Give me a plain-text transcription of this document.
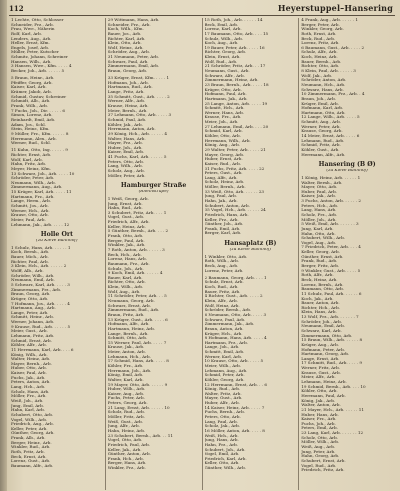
112	Heyerstuppel–Hansering
1 Lechte, Otto, Schlosser
Schneider, Frz., Arb.
Frau, Wwe., Näherin
Rolf, Karl, Arb.
Lenders, Aug., Arb.
Heller, Ernst, Kfm.
Engels, Josef, Arb.
Müller, Peter, Kutscher
Schmitz, Johann, Schreiner
Hansen, Wilh., Arb.
3 Hansen, Wwe., Kfm. . . . . 4
Becker, Joh., Arb. . . . . . 5
5 Braun, Heinr., Arb.
Pfeiffer, Georg, Arb.
Kaiser, Karl, Arb.
Krämer, Jakob, Arb.
Schmid, Gustav, Schreiner
Schmidt, Alb., Arb.
Frank, Wilh., Arb.
7 Fuchs, Joh., Dir. . . . . . 6
Simon, Lorenz, Arb.
Reinhardt, Emil, Arb.
Adam, Jos., Schl.
Stein, Heinr., Kfm.
9 Müller, Frz., Kfm. . . . . . 8
Herrmann, Alex., Arb.
Werner, Rud., Schl.
11 Kuhn, Otto, Ing. . . . . . 9
Richter, Ernst, Arb.
Wolf, Karl, Arb.
Hahn, Fritz, Arb.
Meyer, Heinz, Kfm.
13 Schwarz, Joh., Arb. . . . . 10
Schröder, Peter, Arb.
Neumann, Wilh., Arb.
Zimmermann, Aug., Arb.
15 Krüger, Karl, Arb. . . . . 11
Hartmann, Frz., Arb.
Lange, Herm., Arb.
Schmitt, Jos., Arb.
Werner, Hch., Arb.
Krause, Otto, Arb.
Meier, Paul, Arb.
Lehmann, Jak., Arb. . . . . 12
Holle Ort
(zu Kleve Bahnhof)
1 Schulz, Hans, Arb. . . . . . 1
Koch, Bernh., Arb.
Bauer, Mich., Arb.
Richter, Paul, Arb.
3 Klein, Hch., Arb. . . . . . 2
Wolff, Alb., Arb.
Schröder, Wilh., Arb.
Neumann, Emil, Arb.
5 Schwarz, Karl, Arb. . . . . 3
Zimmermann, Frz., Arb.
Braun, Georg, Arb.
Krüger, Otto, Arb.
7 Hofmann, Jos., Arb. . . . . 4
Hartmann, Aug., Arb.
Lange, Peter, Arb.
Schmitt, Heinr., Arb.
Werner, Johann, Arb.
9 Krause, Rud., Arb. . . . . . 5
Meier, Gust., Arb.
Lehmann, Fritz, Arb.
Schmid, Ernst, Arb.
Köhler, Alfr., Arb.
11 Herrmann, Karl, Arb. . . . 6
König, Wilh., Arb.
Walter, Heinz, Arb.
Mayer, Bernh., Arb.
Huber, Otto, Arb.
Kaiser, Paul, Arb.
Fuchs, Jak., Arb.
Peters, Anton, Arb.
Lang, Hch., Arb.
Scholz, Hans, Arb.
Möller, Frz., Arb.
Weiß, Joh., Arb.
Jung, Emil, Arb.
Hahn, Karl, Arb.
Schubert, Otto, Arb.
Vogel, Wilh., Arb.
Friedrich, Aug., Arb.
Keller, Peter, Arb.
Günther, Georg, Arb.
Frank, Alb., Arb.
Berger, Heinr., Arb.
Winkler, Rud., Arb.
Roth, Fritz, Arb.
Beck, Ernst, Arb.
Lorenz, Gust., Arb.
Baumann, Alfr., Arb.
29 Wittmann, Hans, Arb.
Schneider, Frz., Arb.
Koch, Wilh., Kfm.
Bauer, Jos., Arb.
Richter, Karl, Arb.
Klein, Otto, Arb.
Wolf, Heinr., Arb.
Schröder, Aug., Arb.
31 Neumann, Peter, Arb.
Schwarz, Paul, Arb.
Zimmermann, Emil, Arb.
Braun, Georg, Arb.
33 Krüger, Ernst, Kfm. . . . . 1
Hofmann, Joh., Arb.
Hartmann, Rud., Arb.
Lange, Fritz, Arb.
35 Schmitt, Gust., Arb. . . . . 2
Werner, Alfr., Arb.
Krause, Heinz, Arb.
Meier, Bernh., Arb.
37 Lehmann, Otto, Arb. . . . . 3
Schmid, Paul, Arb.
Köhler, Jak., Arb.
Herrmann, Anton, Arb.
39 König, Hch., Arb. . . . . . 4
Walter, Hans, Arb.
Mayer, Frz., Arb.
Huber, Joh., Arb.
Kaiser, Emil, Arb.
41 Fuchs, Karl, Arb. . . . . . 5
Peters, Otto, Arb.
Lang, Wilh., Arb.
Scholz, Aug., Arb.
Möller, Peter, Arb.
Hamburger Straße
(Rheinstraße)
1 Weiß, Georg, Arb.
Jung, Ernst, Arb.
Hahn, Rud., Arb.
3 Schubert, Fritz, Arb. . . . 1
Vogel, Gust., Arb.
Friedrich, Alfr., Arb.
Keller, Heinz, Arb.
5 Günther, Bernh., Arb. . . . 2
Frank, Otto, Arb.
Berger, Paul, Arb.
Winkler, Jak., Arb.
7 Roth, Anton, Arb. . . . . . 3
Beck, Hch., Arb.
Lorenz, Hans, Arb.
Baumann, Frz., Arb.
Schulz, Joh., Arb.
9 Koch, Emil, Arb. . . . . . 4
Bauer, Karl, Arb.
Richter, Otto, Arb.
Klein, Wilh., Arb.
Wolf, Aug., Arb.
11 Schröder, Peter, Arb. . . 5
Neumann, Georg, Arb.
Schwarz, Ernst, Arb.
Zimmermann, Rud., Arb.
Braun, Fritz, Arb.
13 Krüger, Gust., Arb. . . . . 6
Hofmann, Alfr., Arb.
Hartmann, Heinz, Arb.
Lange, Bernh., Arb.
Schmitt, Otto, Arb.
15 Werner, Paul, Arb. . . . . 7
Krause, Jak., Arb.
Meier, Anton, Arb.
Lehmann, Hch., Arb.
17 Schmid, Hans, Arb. . . . . 8
Köhler, Frz., Arb.
Herrmann, Joh., Arb.
König, Emil, Arb.
Walter, Karl, Arb.
19 Mayer, Otto, Arb. . . . . . 9
Huber, Wilh., Arb.
Kaiser, Aug., Arb.
Fuchs, Peter, Arb.
Peters, Georg, Arb.
21 Lang, Ernst, Arb. . . . . . 10
Scholz, Rud., Arb.
Möller, Fritz, Arb.
Weiß, Gust., Arb.
Jung, Alfr., Arb.
Hahn, Heinz, Arb.
23 Schubert, Bernh., Arb. . . 11
Vogel, Otto, Arb.
Friedrich, Paul, Arb.
Keller, Jak., Arb.
Günther, Anton, Arb.
Frank, Hch., Arb.
Berger, Hans, Arb.
Winkler, Frz., Arb.
15 Roth, Joh., Arb. . . . . . 14
Beck, Emil, Arb.
Lorenz, Karl, Arb.
17 Baumann, Otto, Arb. . . . 15
Schulz, Wilh., Arb.
Koch, Aug., Arb.
19 Bauer, Peter, Arb. . . . . 16
Richter, Georg, Arb.
Klein, Ernst, Arb.
Wolf, Rud., Arb.
21 Schröder, Fritz, Arb. . . 17
Neumann, Gust., Arb.
Schwarz, Alfr., Arb.
Zimmermann, Heinz, Arb.
23 Braun, Bernh., Arb. . . . . 18
Krüger, Otto, Arb.
Hofmann, Paul, Arb.
Hartmann, Jak., Arb.
25 Lange, Anton, Arb. . . . . 19
Schmitt, Hch., Arb.
Werner, Hans, Arb.
Krause, Frz., Arb.
Meier, Joh., Arb.
27 Lehmann, Emil, Arb. . . . 20
Schmid, Karl, Arb.
Köhler, Otto, Arb.
Herrmann, Wilh., Arb.
König, Aug., Arb.
29 Walter, Peter, Arb. . . . . 21
Mayer, Georg, Arb.
Huber, Ernst, Arb.
Kaiser, Rud., Arb.
31 Fuchs, Fritz, Arb. . . . . 22
Peters, Gust., Arb.
Lang, Alfr., Arb.
Scholz, Heinz, Arb.
Möller, Bernh., Arb.
33 Weiß, Otto, Arb. . . . . . 23
Jung, Paul, Arb.
Hahn, Jak., Arb.
Schubert, Anton, Arb.
35 Vogel, Hch., Arb. . . . . . 24
Friedrich, Hans, Arb.
Keller, Frz., Arb.
Günther, Joh., Arb.
Frank, Emil, Arb.
Berger, Karl, Arb.
Hansaplatz (B)
(zu Kleve Bahnhof)
1 Winkler, Otto, Arb.
Roth, Wilh., Arb.
Beck, Aug., Arb.
Lorenz, Peter, Arb.
2 Baumann, Georg, Arb. . . . 1
Schulz, Ernst, Arb.
Koch, Rud., Arb.
Bauer, Fritz, Arb.
4 Richter, Gust., Arb. . . . . 2
Klein, Alfr., Arb.
Wolf, Heinz, Arb.
Schröder, Bernh., Arb.
6 Neumann, Otto, Arb. . . . . 3
Schwarz, Paul, Arb.
Zimmermann, Jak., Arb.
Braun, Anton, Arb.
Krüger, Hch., Arb.
8 Hofmann, Hans, Arb. . . . . 4
Hartmann, Frz., Arb.
Lange, Joh., Arb.
Schmitt, Emil, Arb.
Werner, Karl, Arb.
10 Krause, Otto, Arb. . . . . 5
Meier, Wilh., Arb.
Lehmann, Aug., Arb.
Schmid, Peter, Arb.
Köhler, Georg, Arb.
12 Herrmann, Ernst, Arb. . . 6
König, Rud., Arb.
Walter, Fritz, Arb.
Mayer, Gust., Arb.
Huber, Alfr., Arb.
14 Kaiser, Heinz, Arb. . . . . 7
Fuchs, Bernh., Arb.
Peters, Otto, Arb.
Lang, Paul, Arb.
Scholz, Jak., Arb.
16 Möller, Anton, Arb. . . . . 8
Weiß, Hch., Arb.
Jung, Hans, Arb.
Hahn, Frz., Arb.
Schubert, Joh., Arb.
Vogel, Emil, Arb.
Friedrich, Karl, Arb.
Keller, Otto, Arb.
Günther, Wilh., Arb.
4 Frank, Aug., Arb. . . . . . 1
Berger, Peter, Arb.
Winkler, Georg, Arb.
Roth, Ernst, Arb.
Beck, Rud., Arb.
Lorenz, Fritz, Arb.
6 Baumann, Gust., Arb. . . . . 2
Schulz, Alfr., Arb.
Koch, Heinz, Arb.
Bauer, Bernh., Arb.
Richter, Otto, Arb.
8 Klein, Paul, Arb. . . . . . 3
Wolf, Jak., Arb.
Schröder, Anton, Arb.
Neumann, Hch., Arb.
Schwarz, Hans, Arb.
10 Zimmermann, Frz., Arb. . 4
Braun, Joh., Arb.
Krüger, Emil, Arb.
Hofmann, Karl, Arb.
Hartmann, Otto, Arb.
12 Lange, Wilh., Arb. . . . . 5
Schmitt, Aug., Arb.
Werner, Peter, Arb.
Krause, Georg, Arb.
14 Meier, Ernst, Arb. . . . . 6
Lehmann, Rud., Arb.
Schmid, Fritz, Arb.
Köhler, Gust., Arb.
Herrmann, Alfr., Arb.
Hansering (B Ø)
(zu Kleve Bahnhof)
1 König, Heinz, Arb. . . . . . 1
Walter, Bernh., Arb.
Mayer, Otto, Arb.
Huber, Paul, Arb.
Kaiser, Jak., Arb.
3 Fuchs, Anton, Arb. . . . . . 2
Peters, Hch., Arb.
Lang, Hans, Arb.
Scholz, Frz., Arb.
Möller, Joh., Arb.
5 Weiß, Emil, Arb. . . . . . . 3
Jung, Karl, Arb.
Hahn, Otto, Arb.
Schubert, Wilh., Arb.
Vogel, Aug., Arb.
7 Friedrich, Peter, Arb. . . . 4
Keller, Georg, Arb.
Günther, Ernst, Arb.
Frank, Rud., Arb.
Berger, Fritz, Arb.
9 Winkler, Gust., Arb. . . . . 5
Roth, Alfr., Arb.
Beck, Heinz, Arb.
Lorenz, Bernh., Arb.
Baumann, Otto, Arb.
11 Schulz, Paul, Arb. . . . . . 6
Koch, Jak., Arb.
Bauer, Anton, Arb.
Richter, Hch., Arb.
Klein, Hans, Arb.
13 Wolf, Frz., Arb. . . . . . . 7
Schröder, Joh., Arb.
Neumann, Emil, Arb.
Schwarz, Karl, Arb.
Zimmermann, Otto, Arb.
15 Braun, Wilh., Arb. . . . . . 8
Krüger, Aug., Arb.
Hofmann, Peter, Arb.
Hartmann, Georg, Arb.
Lange, Ernst, Arb.
17 Schmitt, Rud., Arb. . . . . 9
Werner, Fritz, Arb.
Krause, Gust., Arb.
Meier, Alfr., Arb.
Lehmann, Heinz, Arb.
19 Schmid, Bernh., Arb. . . . 10
Köhler, Otto, Arb.
Herrmann, Paul, Arb.
König, Jak., Arb.
Walter, Anton, Arb.
21 Mayer, Hch., Arb. . . . . . 11
Huber, Hans, Arb.
Kaiser, Frz., Arb.
Fuchs, Joh., Arb.
Peters, Emil, Arb.
23 Lang, Karl, Arb. . . . . . . 12
Scholz, Otto, Arb.
Möller, Wilh., Arb.
Weiß, Aug., Arb.
Jung, Peter, Arb.
Hahn, Georg, Arb.
Schubert, Ernst, Arb.
Vogel, Rud., Arb.
Friedrich, Fritz, Arb.
